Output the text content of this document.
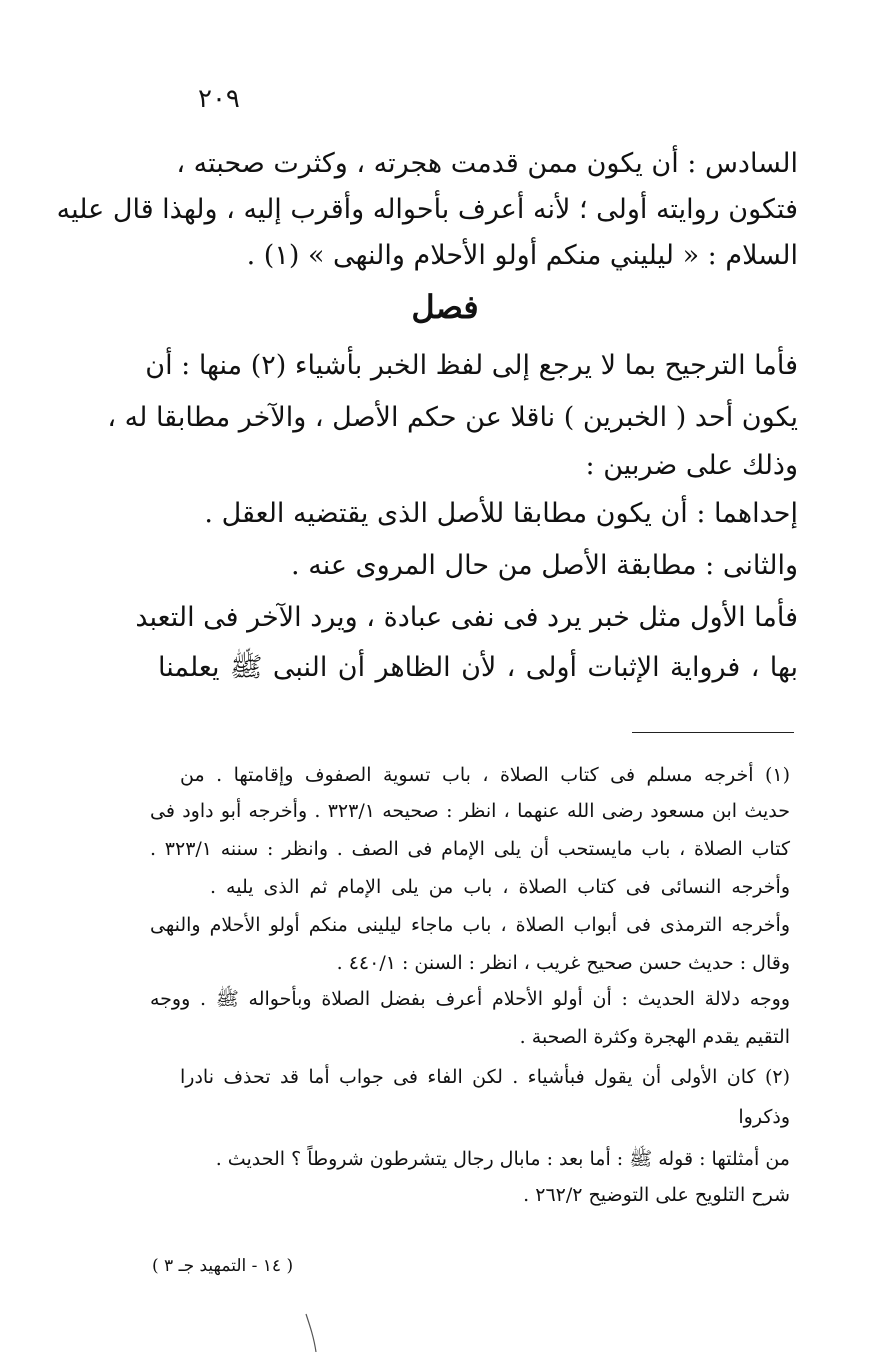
٢٠٩
السادس : أن يكون ممن قدمت هجرته ، وكثرت صحبته ،
فتكون روايته أولى ؛ لأنه أعرف بأحواله وأقرب إليه ، ولهذا قال عليه
السلام : « ليليني منكم أولو الأحلام والنهى » (١) .
فصل
فأما الترجيح بما لا يرجع إلى لفظ الخبر بأشياء (٢) منها : أن
يكون أحد ( الخبرين ) ناقلا عن حكم الأصل ، والآخر مطابقا له ،
وذلك على ضربين :
إحداهما : أن يكون مطابقا للأصل الذى يقتضيه العقل .
والثانى : مطابقة الأصل من حال المروى عنه .
فأما الأول مثل خبر يرد فى نفى عبادة ، ويرد الآخر فى التعبد
بها ، فرواية الإثبات أولى ، لأن الظاهر أن النبى ﷺ يعلمنا
(١) أخرجه مسلم فى كتاب الصلاة ، باب تسوية الصفوف وإقامتها . من
حديث ابن مسعود رضى الله عنهما ، انظر : صحيحه ٣٢٣/١ . وأخرجه أبو داود فى
كتاب الصلاة ، باب مايستحب أن يلى الإمام فى الصف . وانظر : سننه ٣٢٣/١ .
وأخرجه النسائى فى كتاب الصلاة ، باب من يلى الإمام ثم الذى يليه .
وأخرجه الترمذى فى أبواب الصلاة ، باب ماجاء ليلينى منكم أولو الأحلام والنهى
وقال : حديث حسن صحيح غريب ، انظر : السنن : ٤٤٠/١ .
ووجه دلالة الحديث : أن أولو الأحلام أعرف بفضل الصلاة وبأحواله ﷺ . ووجه
التقيم يقدم الهجرة وكثرة الصحبة .
(٢) كان الأولى أن يقول فبأشياء . لكن الفاء فى جواب أما قد تحذف نادرا
وذكروا
من أمثلتها : قوله ﷺ : أما بعد : مابال رجال يتشرطون شروطاً ؟ الحديث .
شرح التلويح على التوضيح ٢٦٢/٢ .
( ١٤ - التمهيد جـ ٣ )
